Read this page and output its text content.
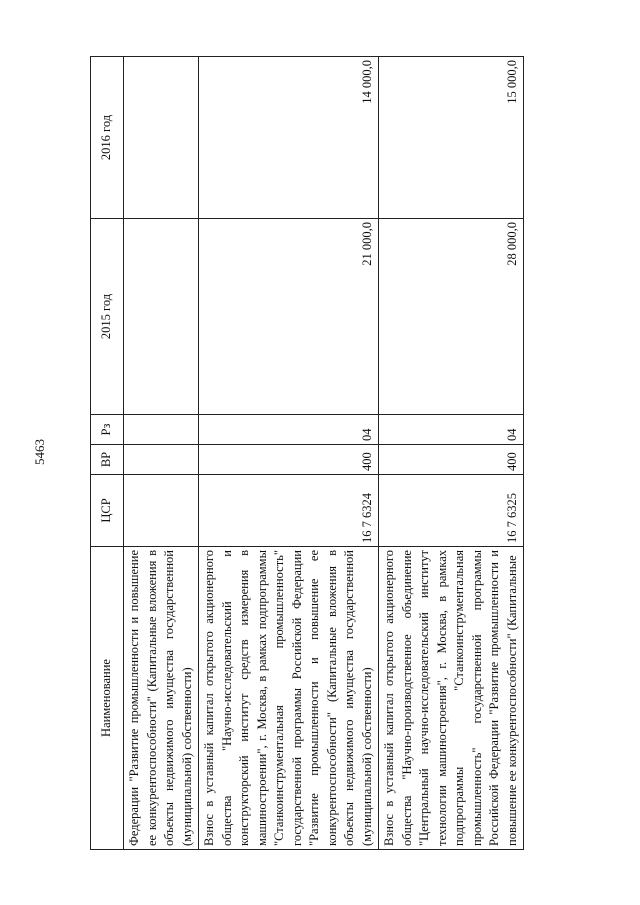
5463
Наименование	ЦСР	ВР	Рз	2015 год	2016 год
Федерации "Развитие промышленности и повышение ее конкурентоспособности" (Капитальные вложения в объекты недвижимого имущества государственной (муниципальной) собственности)					
Взнос в уставный капитал открытого акционерного общества "Научно-исследовательский и конструкторский институт средств измерения в машиностроении", г. Москва, в рамках подпрограммы "Станкоинструментальная промышленность" государственной программы Российской Федерации "Развитие промышленности и повышение ее конкурентоспособности" (Капитальные вложения в объекты недвижимого имущества государственной (муниципальной) собственности)	16 7 6324	400	04	21 000,0	14 000,0
Взнос в уставный капитал открытого акционерного общества "Научно-производственное объединение "Центральный научно-исследовательский институт технологии машиностроения", г. Москва, в рамках подпрограммы "Станкоинструментальная промышленность" государственной программы Российской Федерации "Развитие промышленности и повышение ее конкурентоспособности" (Капитальные	16 7 6325	400	04	28 000,0	15 000,0
